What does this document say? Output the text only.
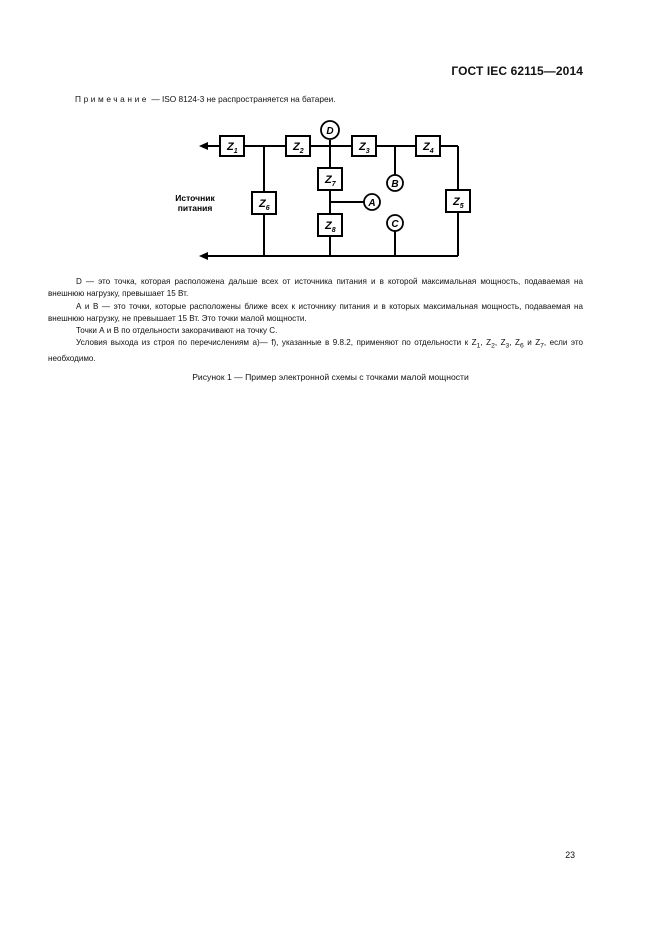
ГОСТ IEC 62115—2014
Примечание — ISO 8124-3 не распространяется на батареи.
Источник
питания
$Z_1$	$Z_2$	$Z_3$	$Z_4$
$Z_5$
$Z_6$
$Z_7$
$Z_8$
D
A
B
C

D — это точка, которая расположена дальше всех от источника питания и в которой максимальная мощность, подаваемая на внешнюю нагрузку, превышает 15 Вт.

А и В — это точки, которые расположены ближе всех к источнику питания и в которых максимальная мощность, подаваемая на внешнюю нагрузку, не превышает 15 Вт. Это точки малой мощности.

Точки А и В по отдельности закорачивают на точку С.

Условия выхода из строя по перечислениям а)— f), указанные в 9.8.2, применяют по отдельности к $Z_1$, $Z_2$, $Z_3$, $Z_6$ и $Z_7$, если это необходимо.

Рисунок 1 — Пример электронной схемы с точками малой мощности
23
